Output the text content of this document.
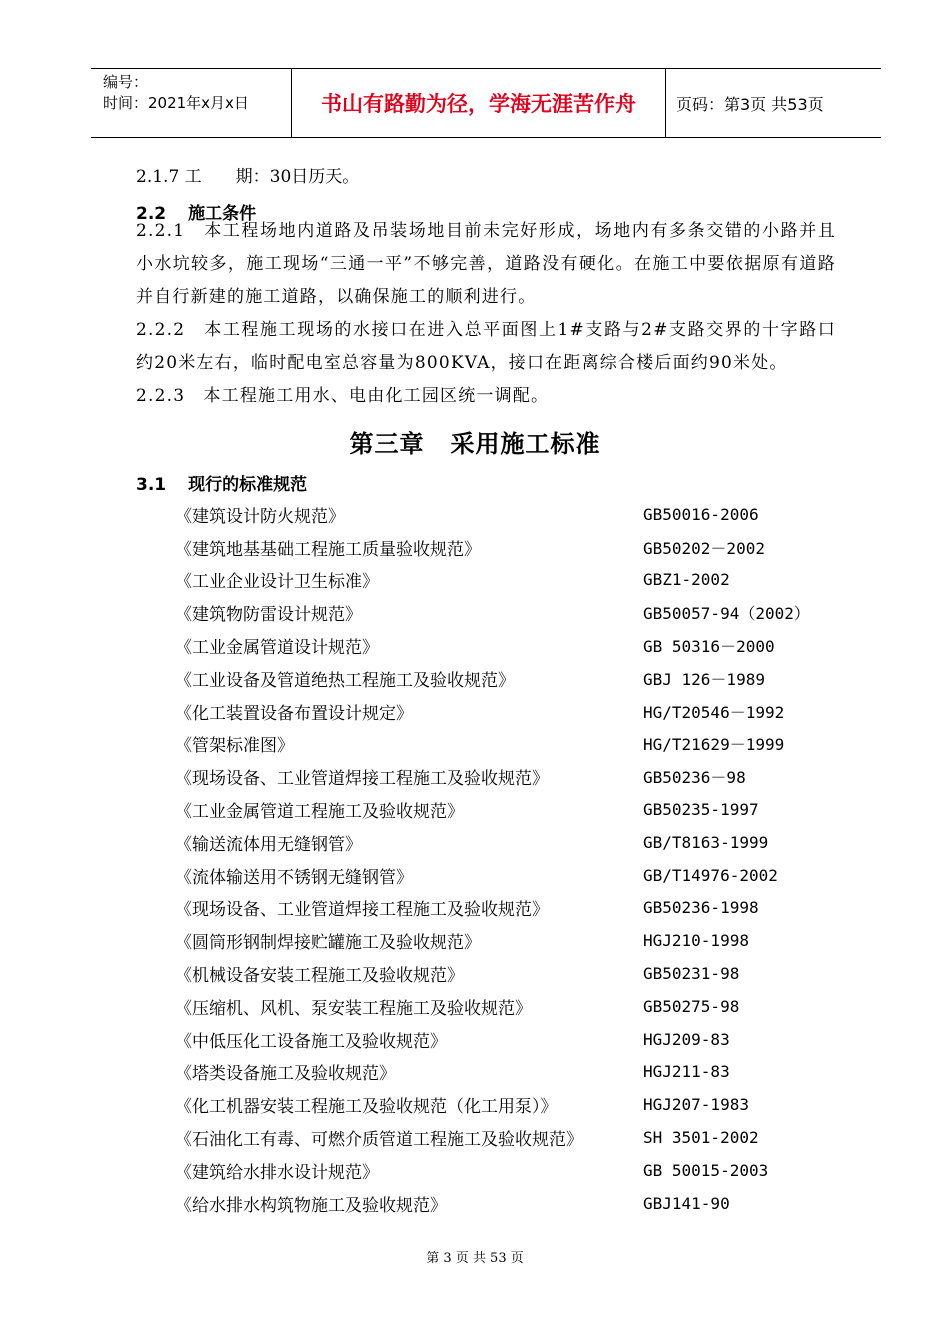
编号：
时间：2021年x月x日	书山有路勤为径，学海无涯苦作舟	页码：第3页 共53页
2.1.7 工　　期：30日历天。
2.2 施工条件
2.2.1　本工程场地内道路及吊装场地目前未完好形成，场地内有多条交错的小路并且小水坑较多，施工现场“三通一平”不够完善，道路没有硬化。在施工中要依据原有道路并自行新建的施工道路，以确保施工的顺利进行。
2.2.2　本工程施工现场的水接口在进入总平面图上1#支路与2#支路交界的十字路口约20米左右，临时配电室总容量为800KVA，接口在距离综合楼后面约90米处。
2.2.3　本工程施工用水、电由化工园区统一调配。
第三章 采用施工标准
3.1 现行的标准规范
《建筑设计防火规范》	GB50016-2006
《建筑地基基础工程施工质量验收规范》	GB50202－2002
《工业企业设计卫生标准》	GBZ1-2002
《建筑物防雷设计规范》	GB50057-94（2002）
《工业金属管道设计规范》	GB 50316－2000
《工业设备及管道绝热工程施工及验收规范》	GBJ 126－1989
《化工装置设备布置设计规定》	HG/T20546－1992
《管架标准图》	HG/T21629－1999
《现场设备、工业管道焊接工程施工及验收规范》	GB50236－98
《工业金属管道工程施工及验收规范》	GB50235-1997
《输送流体用无缝钢管》	GB/T8163-1999
《流体输送用不锈钢无缝钢管》	GB/T14976-2002
《现场设备、工业管道焊接工程施工及验收规范》	GB50236-1998
《圆筒形钢制焊接贮罐施工及验收规范》	HGJ210-1998
《机械设备安装工程施工及验收规范》	GB50231-98
《压缩机、风机、泵安装工程施工及验收规范》	GB50275-98
《中低压化工设备施工及验收规范》	HGJ209-83
《塔类设备施工及验收规范》	HGJ211-83
《化工机器安装工程施工及验收规范（化工用泵）》	HGJ207-1983
《石油化工有毒、可燃介质管道工程施工及验收规范》	SH 3501-2002
《建筑给水排水设计规范》	GB 50015-2003
《给水排水构筑物施工及验收规范》	GBJ141-90
第 3 页 共 53 页
